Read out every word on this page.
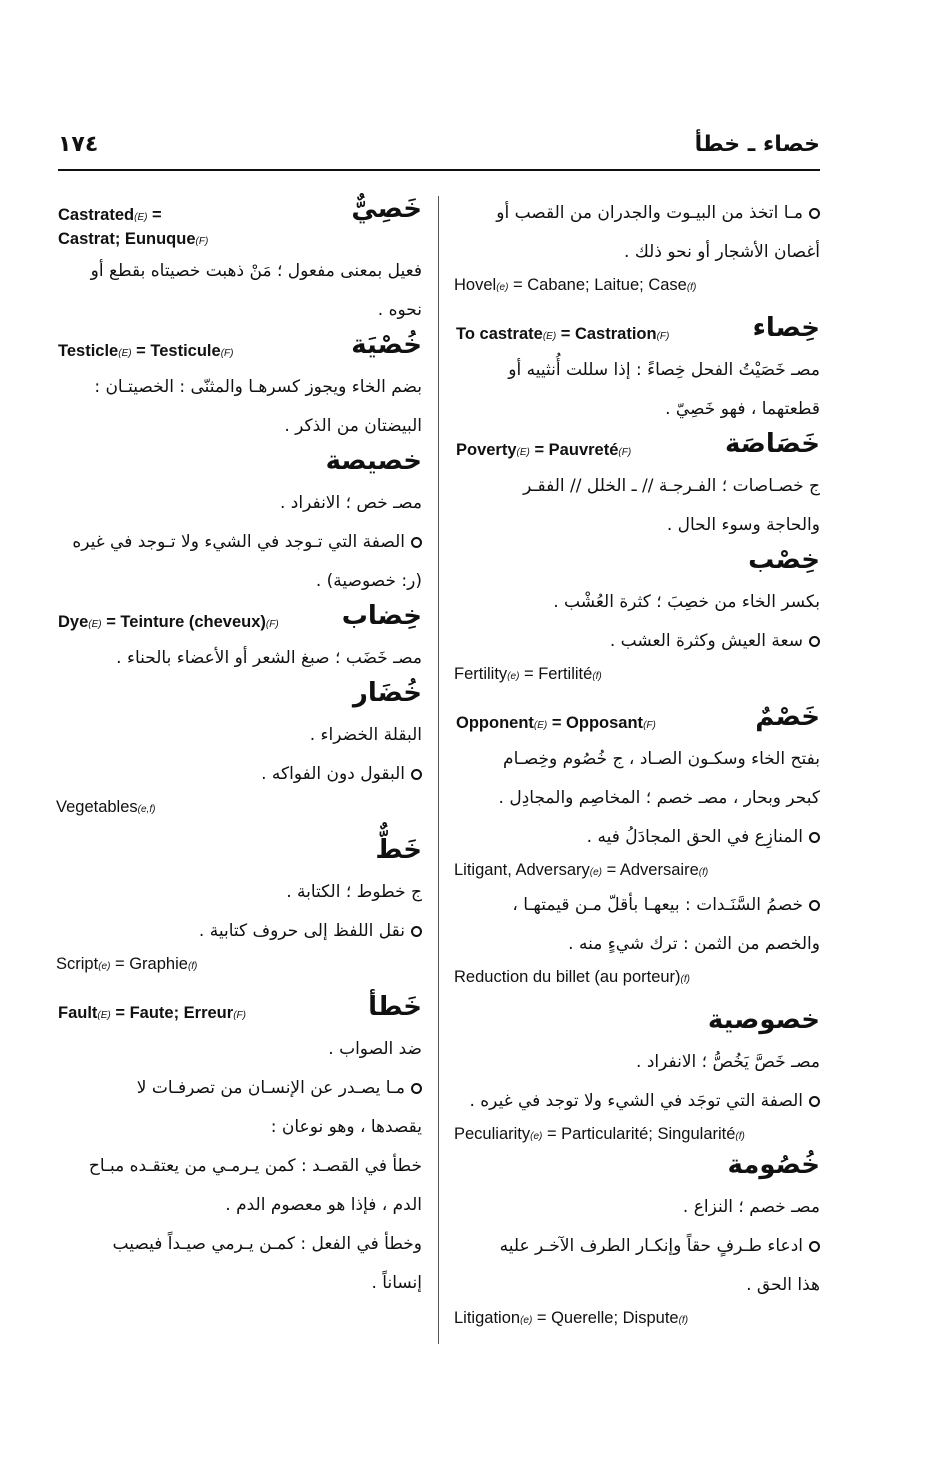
خصاء ـ خطأ
١٧٤
خَصِيٌّ
Castrated(E) =
Castrat; Eunuque(F)
فعيل بمعنى مفعول ؛ مَنْ ذهبت خصيتاه بقطع أو
نحوه .
خُصْيَة
Testicle(E) = Testicule(F)
بضم الخاء ويجوز كسرهـا والمثنّى : الخصيتـان :
البيضتان من الذكر .
خصيصة
مصـ خص ؛ الانفراد .
الصفة التي تـوجد في الشيء ولا تـوجد في غيره
(ر: خصوصية) .
خِضاب
Dye(E) = Teinture (cheveux)(F)
مصـ خَضَب ؛ صبغ الشعر أو الأعضاء بالحناء .
خُضَار
البقلة الخضراء .
البقول دون الفواكه .
Vegetables(e,f)
خَطٌّ
ج خطوط ؛ الكتابة .
نقل اللفظ إلى حروف كتابية .
Script(e) = Graphie(f)
خَطأ
Fault(E) = Faute; Erreur(F)
ضد الصواب .
مـا يصـدر عن الإنسـان من تصرفـات لا
يقصدها ، وهو نوعان :
خطأ في القصـد : كمن يـرمـي من يعتقـده مبـاح
الدم ، فإذا هو معصوم الدم .
وخطأ في الفعل : كمـن يـرمي صيـداً فيصيب
إنساناً .
مـا اتخذ من البيـوت والجدران من القصب أو
أغصان الأشجار أو نحو ذلك .
Hovel(e) = Cabane; Laitue; Case(f)
خِصاء
To castrate(E) = Castration(F)
مصـ خَصَيْتُ الفحل خِصاءً : إذا سللت أُنثييه أو
قطعتهما ، فهو خَصِيّ .
خَصَاصَة
Poverty(E) = Pauvreté(F)
ج خصـاصات ؛ الفـرجـة // ـ الخلل // الفقـر
والحاجة وسوء الحال .
خِصْب
بكسر الخاء من خصِبَ ؛ كثرة العُشْب .
سعة العيش وكثرة العشب .
Fertility(e) = Fertilité(f)
خَصْمٌ
Opponent(E) = Opposant(F)
بفتح الخاء وسكـون الصـاد ، ج خُصُوم وخِصـام
كبحر وبحار ، مصـ خصم ؛ المخاصِم والمجادِل .
المنازِع في الحق المجادَلُ فيه .
Litigant, Adversary(e) = Adversaire(f)
خصمُ السَّنَـدات : بيعهـا بأقلّ مـن قيمتهـا ،
والخصم من الثمن : ترك شيءٍ منه .
Reduction du billet (au porteur)(f)
خصوصية
مصـ خَصَّ يَخُصُّ ؛ الانفراد .
الصفة التي توجَد في الشيء ولا توجد في غيره .
Peculiarity(e) = Particularité; Singularité(f)
خُصُومة
مصـ خصم ؛ النزاع .
ادعاء طـرفٍ حقاً وإنكـار الطرف الآخـر عليه
هذا الحق .
Litigation(e) = Querelle; Dispute(f)
